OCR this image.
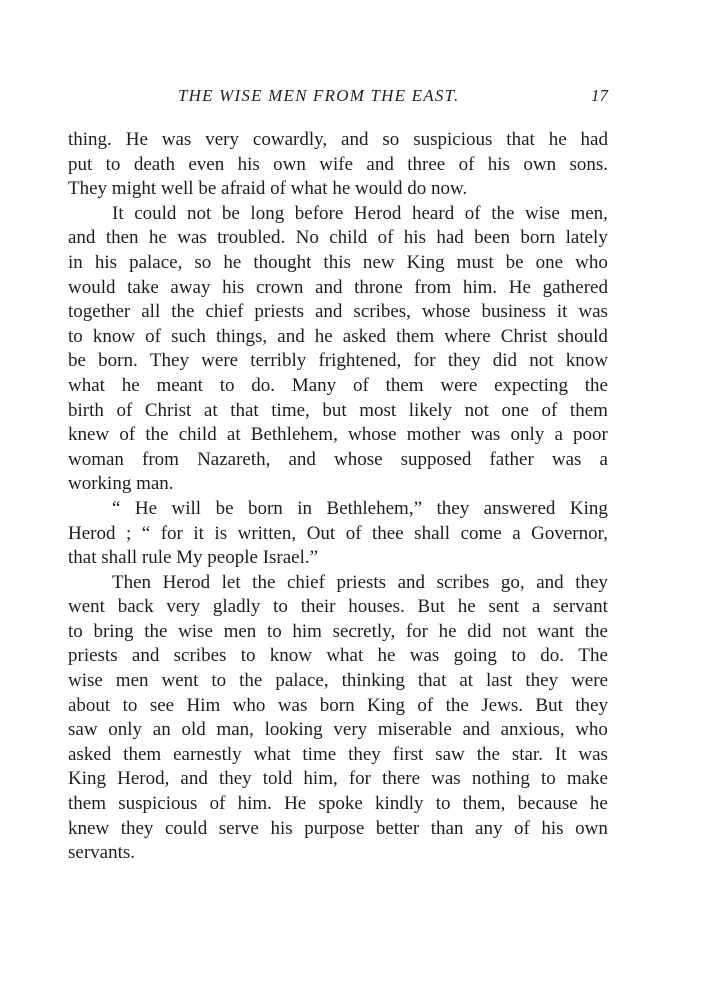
THE WISE MEN FROM THE EAST.	17
thing. He was very cowardly, and so suspicious that he had
put to death even his own wife and three of his own sons.
They might well be afraid of what he would do now.
It could not be long before Herod heard of the wise men,
and then he was troubled. No child of his had been born lately
in his palace, so he thought this new King must be one who
would take away his crown and throne from him. He gathered
together all the chief priests and scribes, whose business it was
to know of such things, and he asked them where Christ should
be born. They were terribly frightened, for they did not know
what he meant to do. Many of them were expecting the
birth of Christ at that time, but most likely not one of them
knew of the child at Bethlehem, whose mother was only a poor
woman from Nazareth, and whose supposed father was a
working man.
“ He will be born in Bethlehem,” they answered King
Herod ; “ for it is written, Out of thee shall come a Governor,
that shall rule My people Israel.”
Then Herod let the chief priests and scribes go, and they
went back very gladly to their houses. But he sent a servant
to bring the wise men to him secretly, for he did not want the
priests and scribes to know what he was going to do. The
wise men went to the palace, thinking that at last they were
about to see Him who was born King of the Jews. But they
saw only an old man, looking very miserable and anxious, who
asked them earnestly what time they first saw the star. It was
King Herod, and they told him, for there was nothing to make
them suspicious of him. He spoke kindly to them, because he
knew they could serve his purpose better than any of his own
servants.
